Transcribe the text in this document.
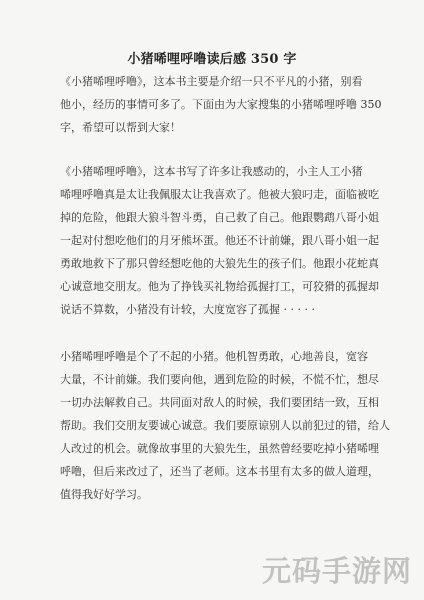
小猪唏哩呼噜读后感 350 字

《小猪唏哩呼噜》，这本书主要是介绍一只不平凡的小猪，别看
他小，经历的事情可多了。下面由为大家搜集的小猪唏哩呼噜 350
字，希望可以帮到大家！

《小猪唏哩呼噜》，这本书写了许多让我感动的，小主人工小猪
唏哩呼噜真是太让我佩服太让我喜欢了。他被大狼叼走，面临被吃
掉的危险，他跟大狼斗智斗勇，自己救了自己。他跟鹦鹉八哥小姐
一起对付想吃他们的月牙熊坏蛋。他还不计前嫌，跟八哥小姐一起
勇敢地救下了那只曾经想吃他的大狼先生的孩子们。他跟小花蛇真
心诚意地交朋友。他为了挣钱买礼物给孤握打工，可狡猾的孤握却
说话不算数，小猪没有计较，大度宽容了孤握 · · · · ·

小猪唏哩呼噜是个了不起的小猪。他机智勇敢，心地善良，宽容
大量，不计前嫌。我们要向他，遇到危险的时候，不慌不忙，想尽
一切办法解救自己。共同面对敌人的时候，我们要团结一致，互相
帮助。我们交朋友要诚心诚意。我们要原谅别人以前犯过的错，给人
人改过的机会。就像故事里的大狼先生，虽然曾经要吃掉小猪唏哩
呼噜，但后来改过了，还当了老师。这本书里有太多的做人道理，
值得我好好学习。

元码手游网
